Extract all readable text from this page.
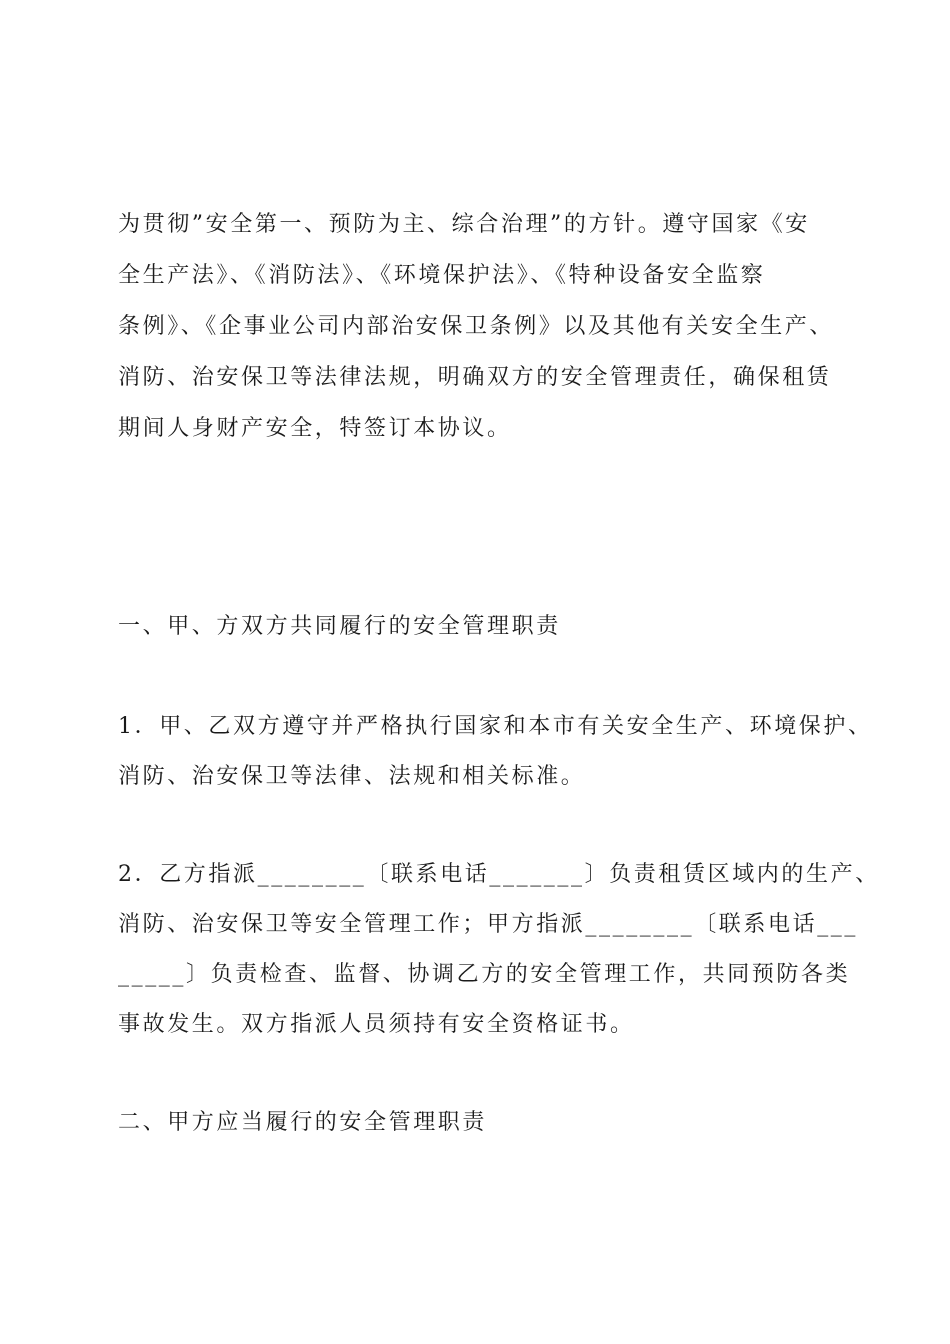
为贯彻”安全第一、预防为主、综合治理”的方针。遵守国家《安
全生产法》、《消防法》、《环境保护法》、《特种设备安全监察
条例》、《企事业公司内部治安保卫条例》以及其他有关安全生产、
消防、治安保卫等法律法规，明确双方的安全管理责任，确保租赁
期间人身财产安全，特签订本协议。
一、甲、方双方共同履行的安全管理职责
1．甲、乙双方遵守并严格执行国家和本市有关安全生产、环境保护、
消防、治安保卫等法律、法规和相关标准。
2．乙方指派________〔联系电话_______〕负责租赁区域内的生产、
消防、治安保卫等安全管理工作；甲方指派________〔联系电话___
_____〕负责检查、监督、协调乙方的安全管理工作，共同预防各类
事故发生。双方指派人员须持有安全资格证书。
二、甲方应当履行的安全管理职责
